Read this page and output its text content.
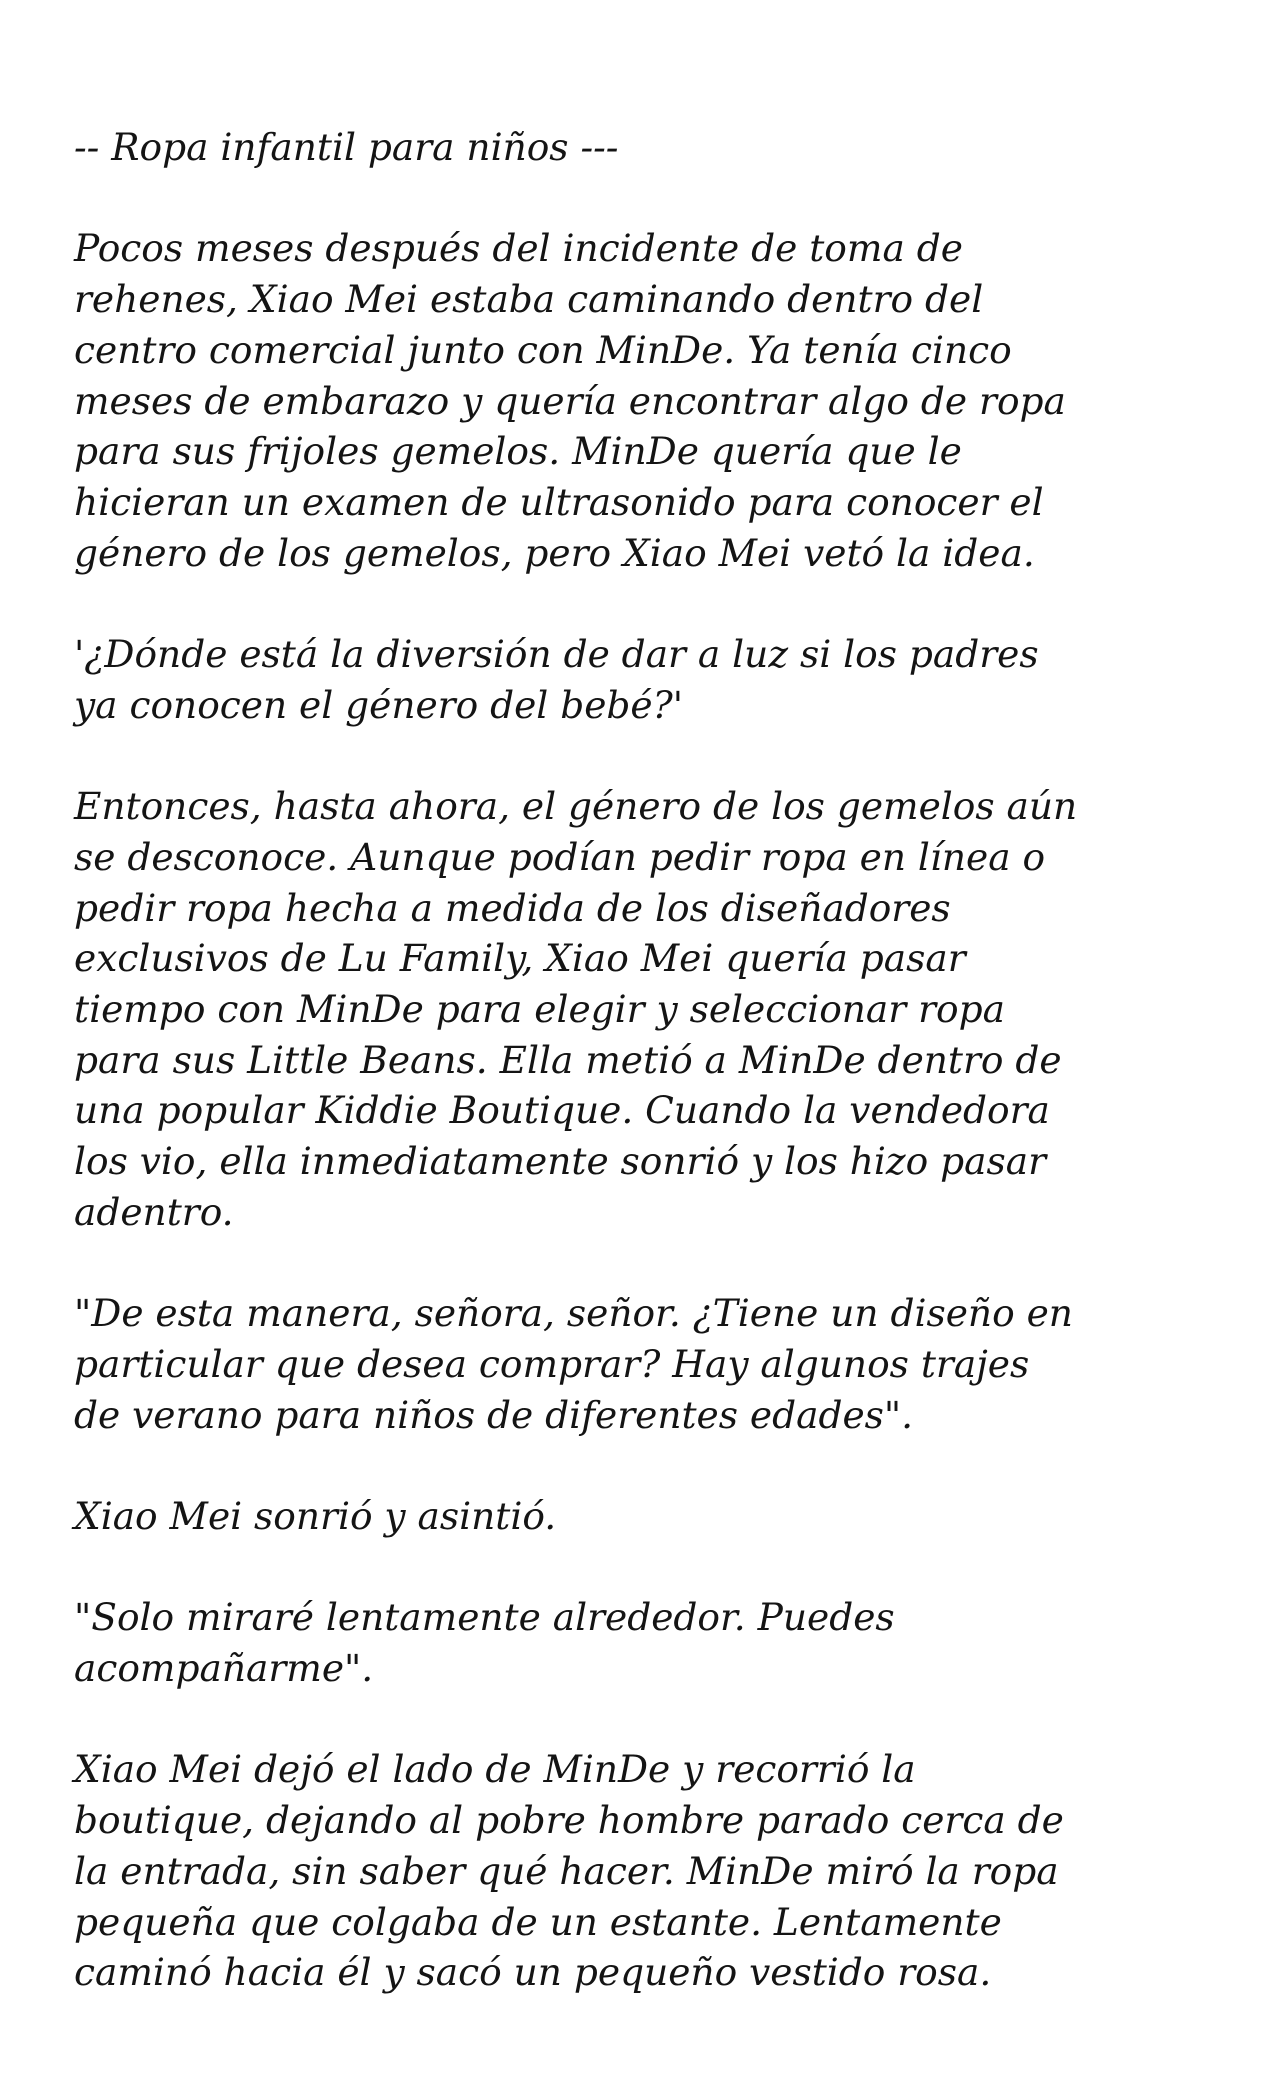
-- Ropa infantil para niños ---

Pocos meses después del incidente de toma de
rehenes, Xiao Mei estaba caminando dentro del
centro comercial junto con MinDe. Ya tenía cinco
meses de embarazo y quería encontrar algo de ropa
para sus frijoles gemelos. MinDe quería que le
hicieran un examen de ultrasonido para conocer el
género de los gemelos, pero Xiao Mei vetó la idea.

'¿Dónde está la diversión de dar a luz si los padres
ya conocen el género del bebé?'

Entonces, hasta ahora, el género de los gemelos aún
se desconoce. Aunque podían pedir ropa en línea o
pedir ropa hecha a medida de los diseñadores
exclusivos de Lu Family, Xiao Mei quería pasar
tiempo con MinDe para elegir y seleccionar ropa
para sus Little Beans. Ella metió a MinDe dentro de
una popular Kiddie Boutique. Cuando la vendedora
los vio, ella inmediatamente sonrió y los hizo pasar
adentro.

"De esta manera, señora, señor. ¿Tiene un diseño en
particular que desea comprar? Hay algunos trajes
de verano para niños de diferentes edades".

Xiao Mei sonrió y asintió.

"Solo miraré lentamente alrededor. Puedes
acompañarme".

Xiao Mei dejó el lado de MinDe y recorrió la
boutique, dejando al pobre hombre parado cerca de
la entrada, sin saber qué hacer. MinDe miró la ropa
pequeña que colgaba de un estante. Lentamente
caminó hacia él y sacó un pequeño vestido rosa.
